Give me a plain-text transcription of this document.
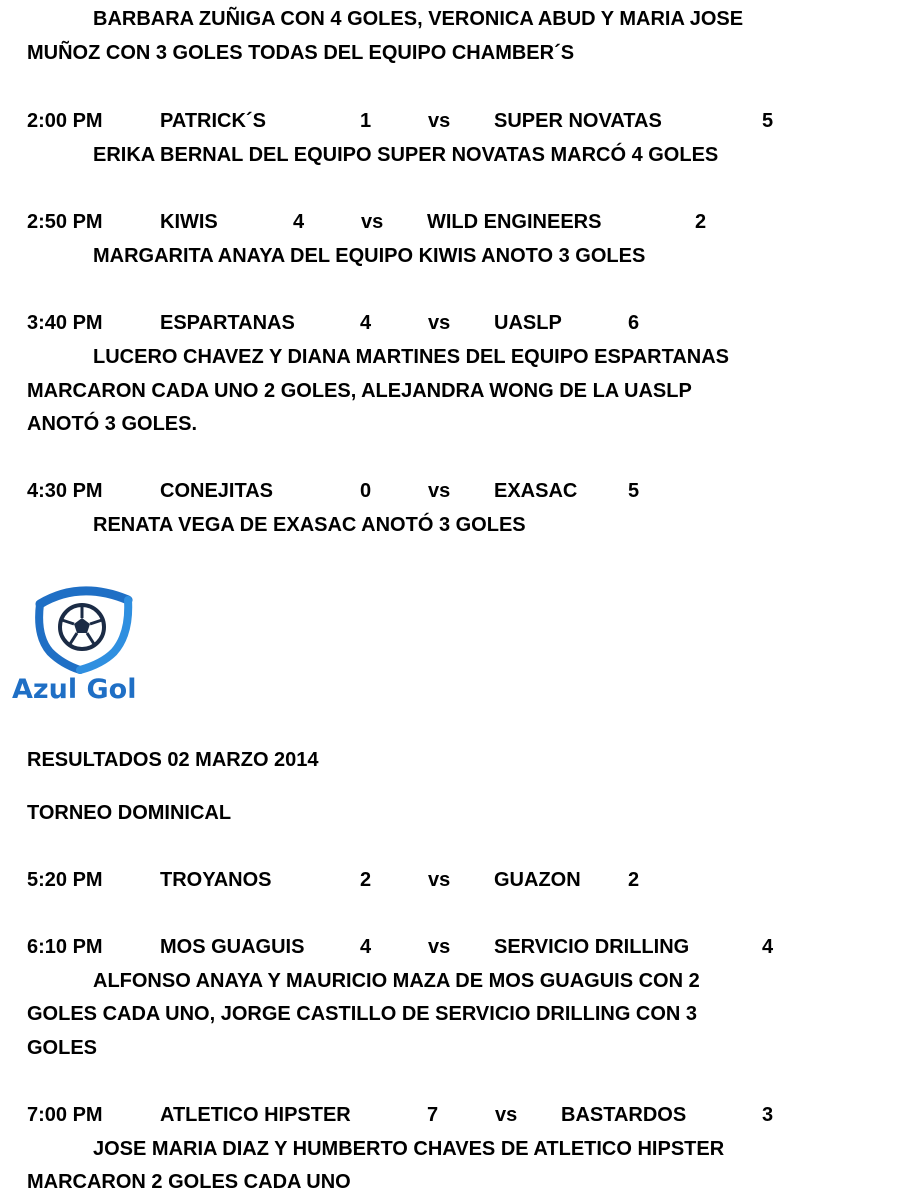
BARBARA ZUÑIGA CON 4 GOLES, VERONICA ABUD Y MARIA JOSE
MUÑOZ CON 3 GOLES TODAS DEL EQUIPO CHAMBER´S
2:00 PM	PATRICK´S	1	vs SUPER NOVATAS	5
ERIKA BERNAL DEL EQUIPO SUPER NOVATAS MARCÓ 4 GOLES
2:50 PM	KIWIS	4	vs WILD ENGINEERS	2
MARGARITA ANAYA DEL EQUIPO KIWIS ANOTO 3 GOLES
3:40 PM	ESPARTANAS	4	vs UASLP	6
LUCERO CHAVEZ Y DIANA MARTINES DEL EQUIPO ESPARTANAS
MARCARON CADA UNO 2 GOLES, ALEJANDRA WONG DE LA UASLP
ANOTÓ 3 GOLES.
4:30 PM	CONEJITAS	0	vs EXASAC	5
RENATA VEGA DE EXASAC ANOTÓ 3 GOLES
Azul Gol
RESULTADOS 02 MARZO 2014
TORNEO DOMINICAL
5:20 PM	TROYANOS	2	vs GUAZON 2
6:10 PM	MOS GUAGUIS	4	vs SERVICIO DRILLING	4
ALFONSO ANAYA Y MAURICIO MAZA DE MOS GUAGUIS CON 2
GOLES CADA UNO, JORGE CASTILLO DE SERVICIO DRILLING CON 3
GOLES
7:00 PM	ATLETICO HIPSTER	7	vs BASTARDOS	3
JOSE MARIA DIAZ Y HUMBERTO CHAVES DE ATLETICO HIPSTER
MARCARON 2 GOLES CADA UNO
